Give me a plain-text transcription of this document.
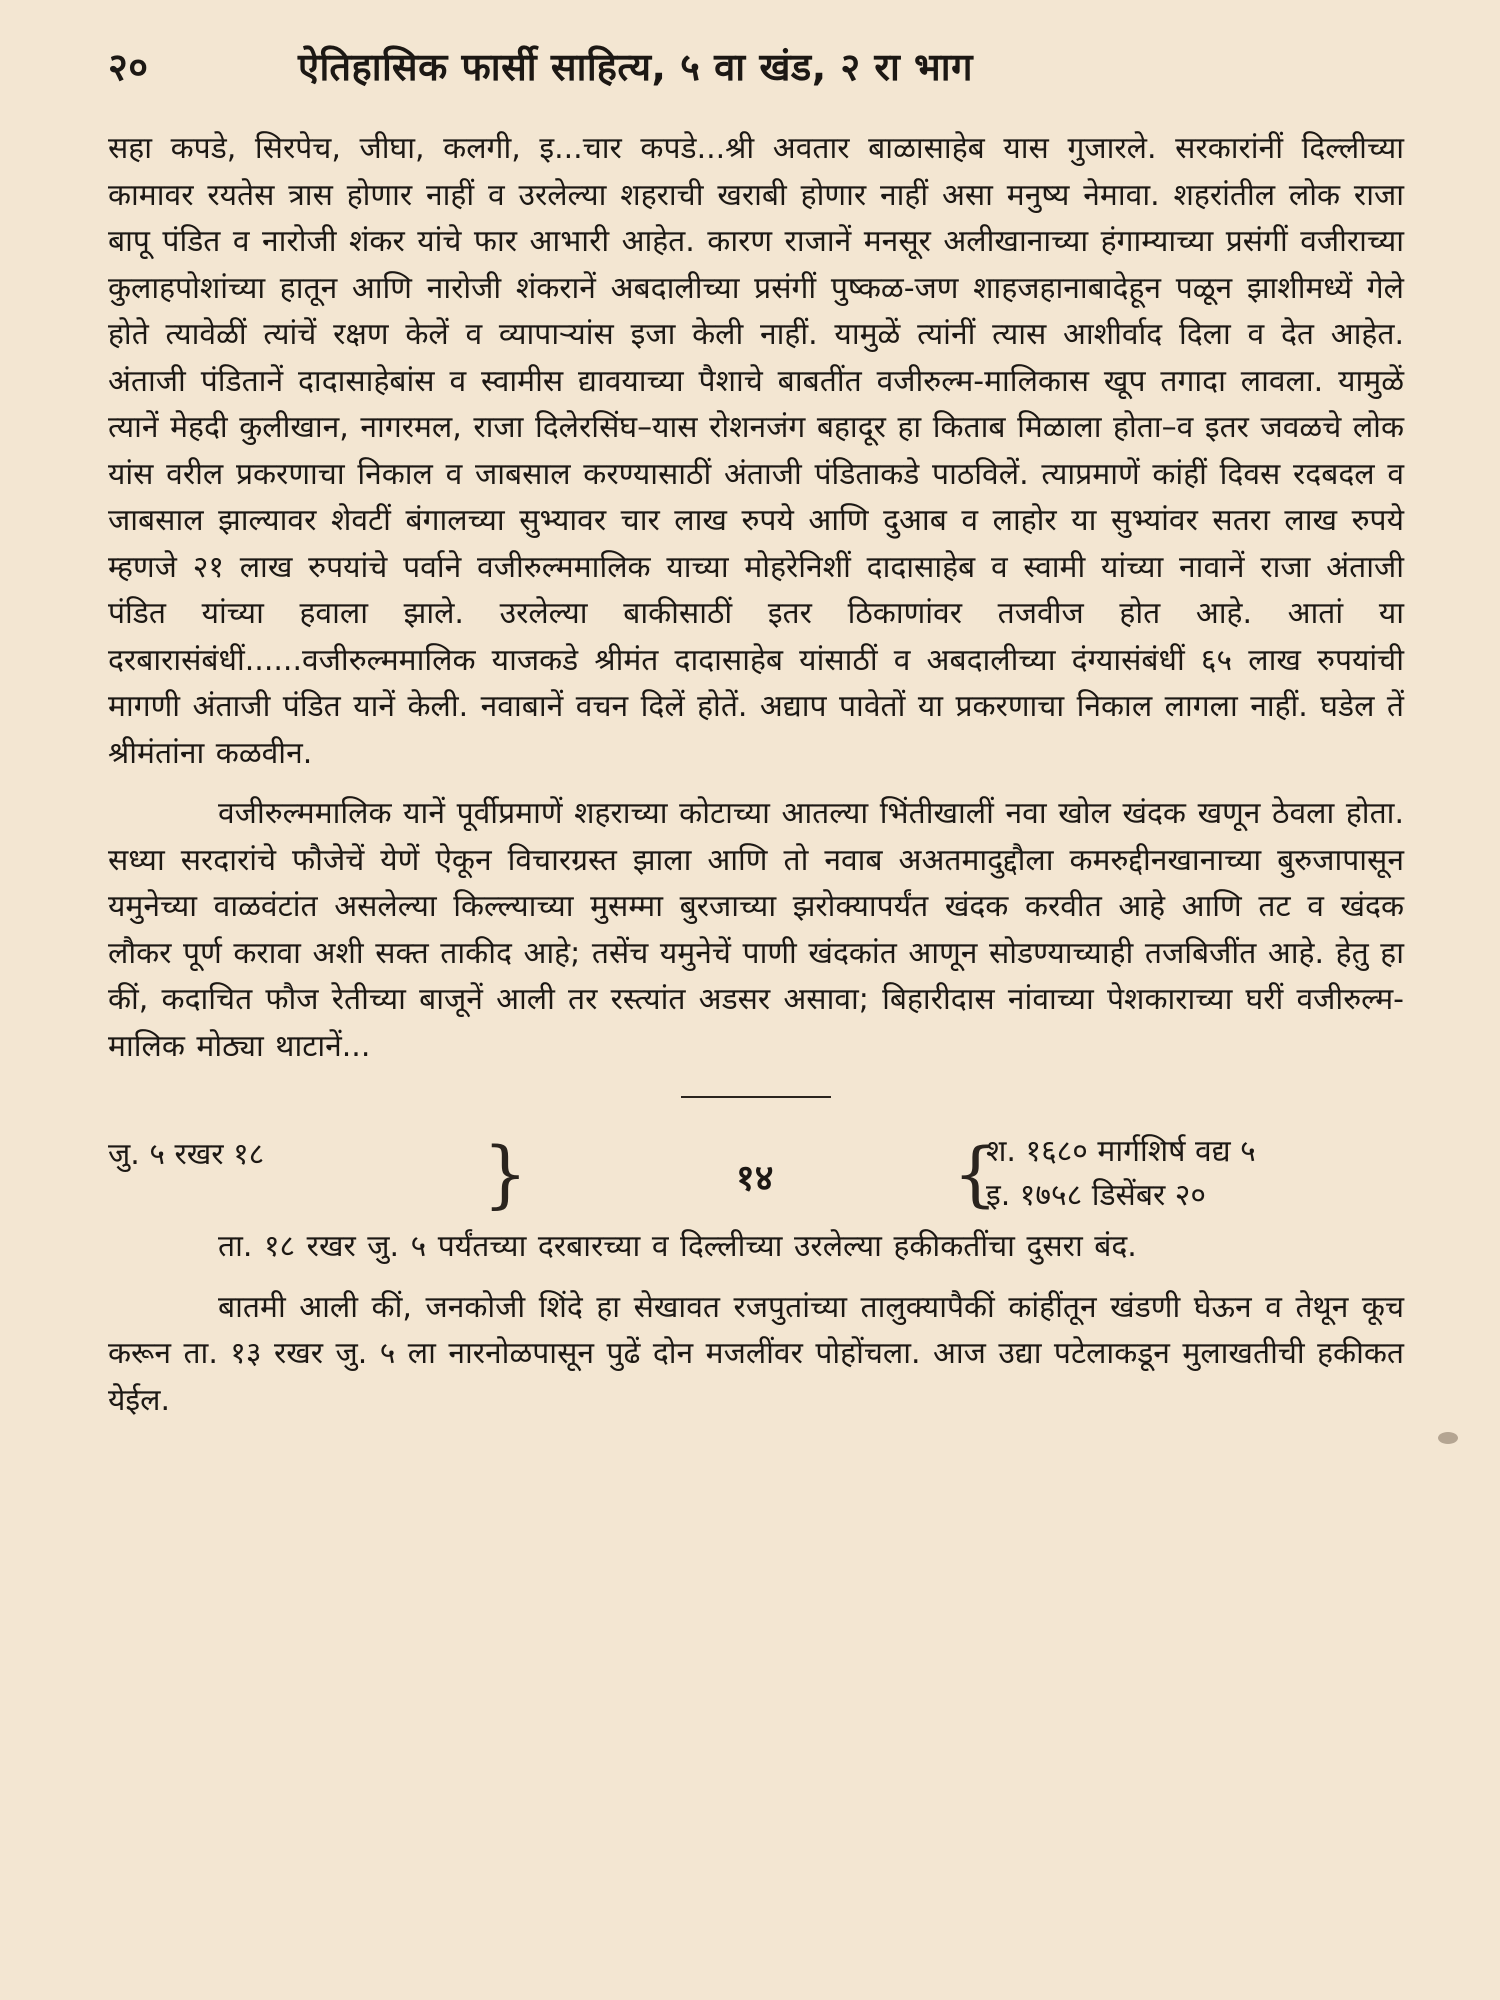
२०	ऐतिहासिक फार्सी साहित्य, ५ वा खंड, २ रा भाग

सहा कपडे, सिरपेच, जीघा, कलगी, इ...चार कपडे...श्री अवतार बाळासाहेब यास गुजारले. सरकारांनीं दिल्लीच्या कामावर रयतेस त्रास होणार नाहीं व उरलेल्या शहराची खराबी होणार नाहीं असा मनुष्य नेमावा. शहरांतील लोक राजा बापू पंडित व नारोजी शंकर यांचे फार आभारी आहेत. कारण राजानें मनसूर अलीखानाच्या हंगाम्याच्या प्रसंगीं वजीराच्या कुलाहपोशांच्या हातून आणि नारोजी शंकरानें अबदालीच्या प्रसंगीं पुष्कळ-जण शाहजहानाबादेहून पळून झाशीमध्यें गेले होते त्यावेळीं त्यांचें रक्षण केलें व व्यापाऱ्यांस इजा केली नाहीं. यामुळें त्यांनीं त्यास आशीर्वाद दिला व देत आहेत. अंताजी पंडितानें दादासाहेबांस व स्वामीस द्यावयाच्या पैशाचे बाबतींत वजीरुल्म-मालिकास खूप तगादा लावला. यामुळें त्यानें मेहदी कुलीखान, नागरमल, राजा दिलेरसिंघ–यास रोशनजंग बहादूर हा किताब मिळाला होता–व इतर जवळचे लोक यांस वरील प्रकरणाचा निकाल व जाबसाल करण्यासाठीं अंताजी पंडिताकडे पाठविलें. त्याप्रमाणें कांहीं दिवस रदबदल व जाबसाल झाल्यावर शेवटीं बंगालच्या सुभ्यावर चार लाख रुपये आणि दुआब व लाहोर या सुभ्यांवर सतरा लाख रुपये म्हणजे २१ लाख रुपयांचे पर्वाने वजीरुल्ममालिक याच्या मोहरेनिशीं दादासाहेब व स्वामी यांच्या नावानें राजा अंताजी पंडित यांच्या हवाला झाले. उरलेल्या बाकीसाठीं इतर ठिकाणांवर तजवीज होत आहे. आतां या दरबारासंबंधीं......वजीरुल्ममालिक याजकडे श्रीमंत दादासाहेब यांसाठीं व अबदालीच्या दंग्यासंबंधीं ६५ लाख रुपयांची मागणी अंताजी पंडित यानें केली. नवाबानें वचन दिलें होतें. अद्याप पावेतों या प्रकरणाचा निकाल लागला नाहीं. घडेल तें श्रीमंतांना कळवीन.

वजीरुल्ममालिक यानें पूर्वीप्रमाणें शहराच्या कोटाच्या आतल्या भिंतीखालीं नवा खोल खंदक खणून ठेवला होता. सध्या सरदारांचे फौजेचें येणें ऐकून विचारग्रस्त झाला आणि तो नवाब अअतमादुद्दौला कमरुद्दीनखानाच्या बुरुजापासून यमुनेच्या वाळवंटांत असलेल्या किल्ल्याच्या मुसम्मा बुरजाच्या झरोक्यापर्यंत खंदक करवीत आहे आणि तट व खंदक लौकर पूर्ण करावा अशी सक्त ताकीद आहे; तसेंच यमुनेचें पाणी खंदकांत आणून सोडण्याच्याही तजबिजींत आहे. हेतु हा कीं, कदाचित फौज रेतीच्या बाजूनें आली तर रस्त्यांत अडसर असावा; बिहारीदास नांवाच्या पेशकाराच्या घरीं वजीरुल्म-मालिक मोठ्या थाटानें...

जु. ५ रखर १८	}	१४	{
श. १६८० मार्गशिर्ष वद्य ५
इ. १७५८ डिसेंबर २०

ता. १८ रखर जु. ५ पर्यंतच्या दरबारच्या व दिल्लीच्या उरलेल्या हकीकतींचा दुसरा बंद.

बातमी आली कीं, जनकोजी शिंदे हा सेखावत रजपुतांच्या तालुक्यापैकीं कांहींतून खंडणी घेऊन व तेथून कूच करून ता. १३ रखर जु. ५ ला नारनोळपासून पुढें दोन मजलींवर पोहोंचला. आज उद्या पटेलाकडून मुलाखतीची हकीकत येईल.
